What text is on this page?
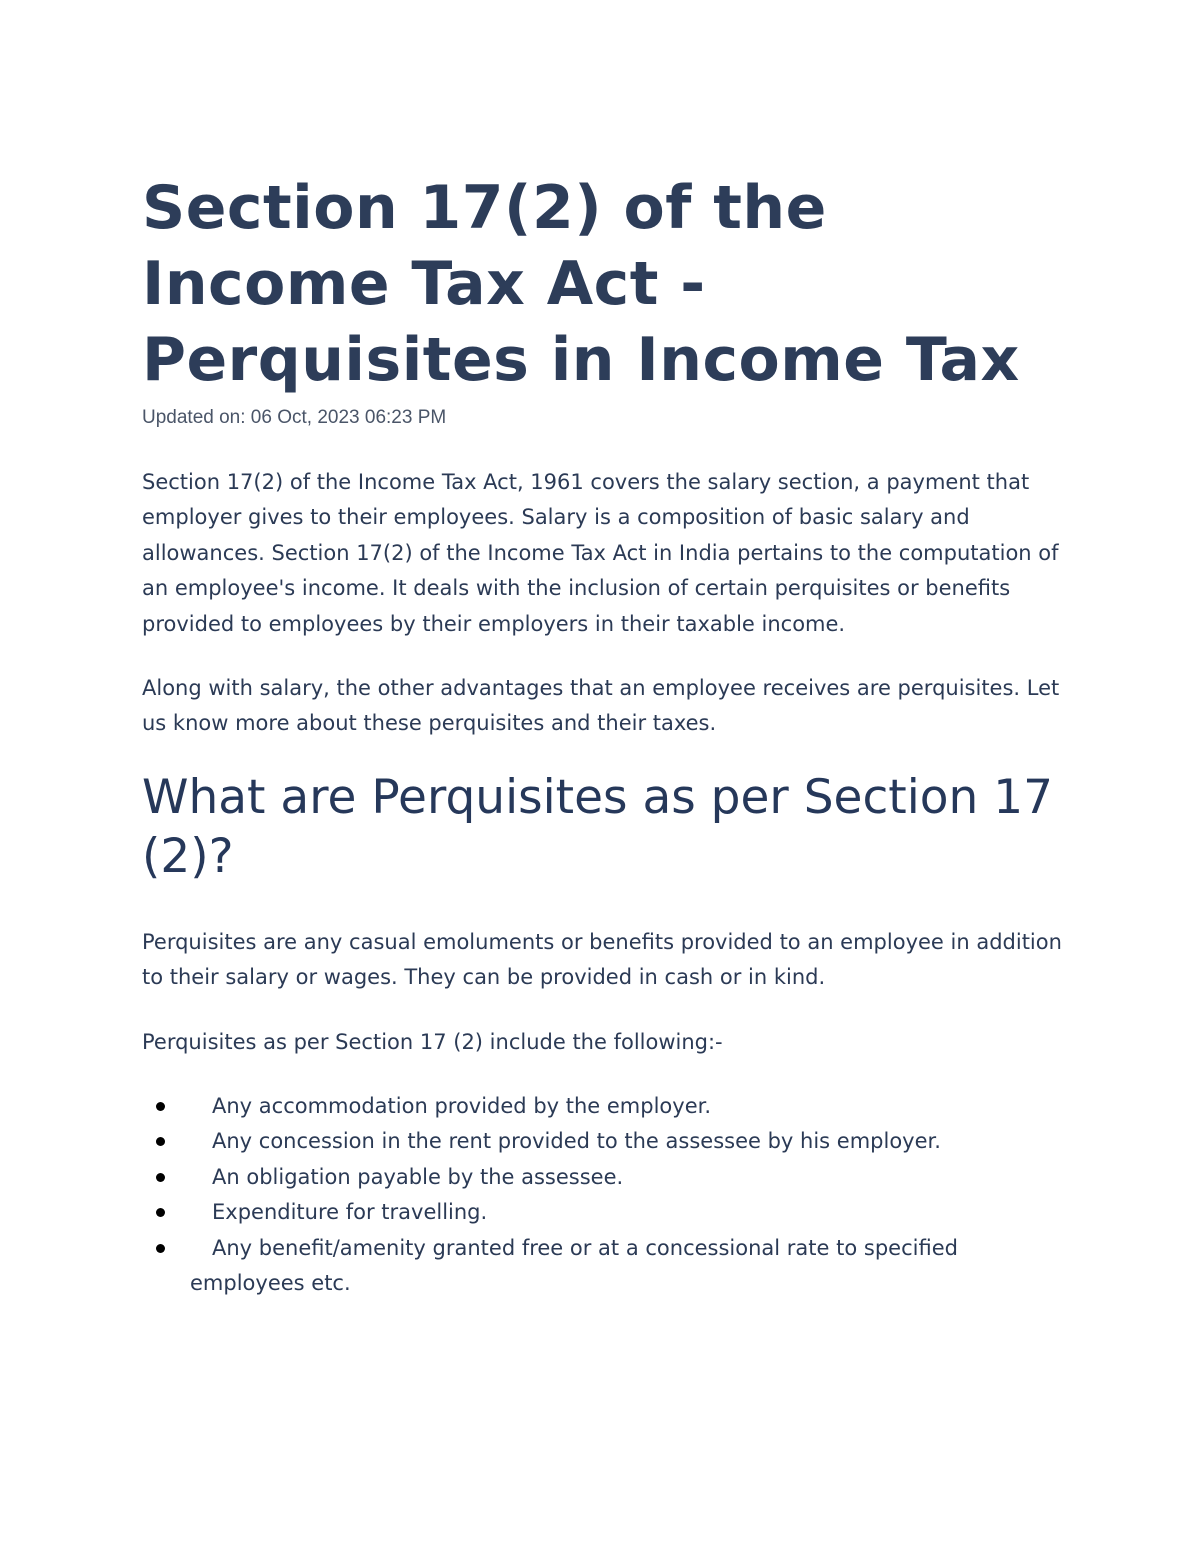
Section 17(2) of the Income Tax Act - Perquisites in Income Tax
Updated on: 06 Oct, 2023 06:23 PM

Section 17(2) of the Income Tax Act, 1961 covers the salary section, a payment that employer gives to their employees. Salary is a composition of basic salary and allowances. Section 17(2) of the Income Tax Act in India pertains to the computation of an employee's income. It deals with the inclusion of certain perquisites or benefits provided to employees by their employers in their taxable income.

Along with salary, the other advantages that an employee receives are perquisites. Let us know more about these perquisites and their taxes.

What are Perquisites as per Section 17 (2)?

Perquisites are any casual emoluments or benefits provided to an employee in addition to their salary or wages. They can be provided in cash or in kind.

Perquisites as per Section 17 (2) include the following:-

Any accommodation provided by the employer.
Any concession in the rent provided to the assessee by his employer.
An obligation payable by the assessee.
Expenditure for travelling.
Any benefit/amenity granted free or at a concessional rate to specified employees etc.
